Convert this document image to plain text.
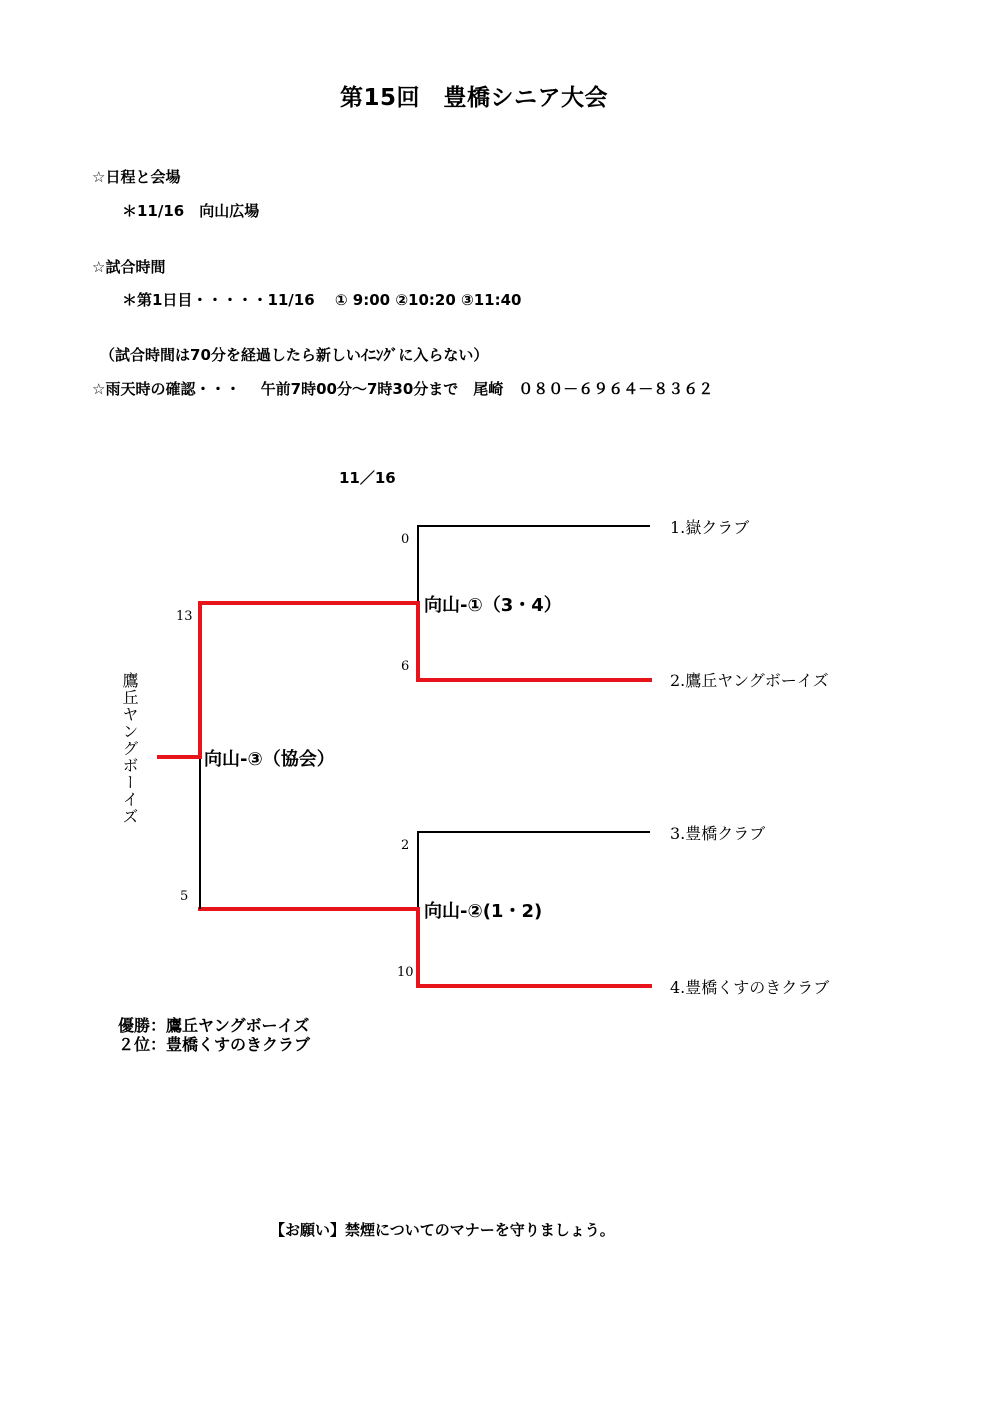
第15回　豊橋シニア大会
☆日程と会場
＊11/16　向山広場
☆試合時間
＊第1日目・・・・・11/16　 ① 9:00 ②10:20 ③11:40
（試合時間は70分を経過したら新しいｲﾆﾝｸﾞに入らない）
☆雨天時の確認・・・　 午前7時00分～7時30分まで　尾崎　０８０－６９６４－８３６２
11／16
0
6
2
10
13
5
向山-①（3・4）
向山-②(1・2)
向山-③（協会）
1.嶽クラブ
2.鷹丘ヤングボーイズ
3.豊橋クラブ
4.豊橋くすのきクラブ
鷹丘ヤングボーイズ
優勝：鷹丘ヤングボーイズ
２位：豊橋くすのきクラブ
【お願い】禁煙についてのマナーを守りましょう。
